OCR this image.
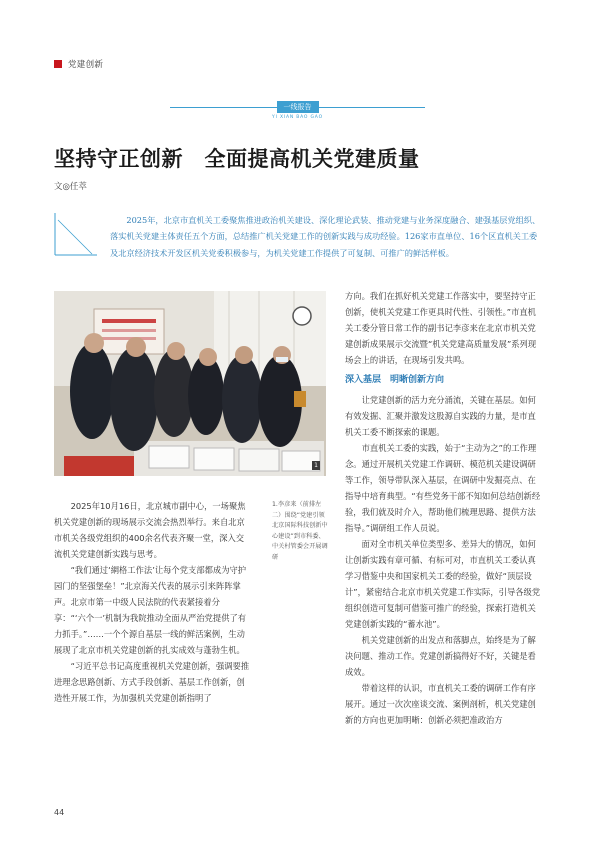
党建创新
一线报告
YI XIAN BAO GAO
坚持守正创新　全面提高机关党建质量
文◎任萃

2025年，北京市直机关工委聚焦推进政治机关建设、深化理论武装、推动党建与业务深度融合、建强基层党组织、落实机关党建主体责任五个方面，总结推广机关党建工作的创新实践与成功经验。126家市直单位、16个区直机关工委及北京经济技术开发区机关党委积极参与，为机关党建工作提供了可复制、可推广的鲜活样板。

1

1.李彦来（前排左二）围绕“党建引领北京国际科技创新中心建设”到市科委、中关村管委会开展调研

2025年10月16日，北京城市副中心，一场聚焦机关党建创新的现场展示交流会热烈举行。来自北京市机关各级党组织的400余名代表齐聚一堂，深入交流机关党建创新实践与思考。

“我们通过‘網格工作法’让每个党支部都成为守护园门的坚强堡垒！”北京海关代表的展示引来阵阵掌声。北京市第一中级人民法院的代表紧接着分享：“‘六个一’机制为我院推动全面从严治党提供了有力抓手。”……一个个源自基层一线的鲜活案例，生动展现了北京市机关党建创新的扎实成效与蓬勃生机。

“习近平总书记高度重视机关党建创新，强调要推进理念思路创新、方式手段创新、基层工作创新，创造性开展工作，为加强机关党建创新指明了

方向。我们在抓好机关党建工作落实中，要坚持守正创新，使机关党建工作更具时代性、引领性。”市直机关工委分管日常工作的副书记李彦来在北京市机关党建创新成果展示交流暨“机关党建高质量发展”系列现场会上的讲话，在现场引发共鸣。

深入基层　明晰创新方向

让党建创新的活力充分涌流，关键在基层。如何有效发掘、汇聚并激发这股源自实践的力量，是市直机关工委不断探索的课题。

市直机关工委的实践，始于“主动为之”的工作理念。通过开展机关党建工作调研、模范机关建设调研等工作，领导带队深入基层，在调研中发掘亮点、在指导中培育典型。“有些党务干部不知如何总结创新经验，我们就及时介入，帮助他们梳理思路、提供方法指导。”调研组工作人员说。

面对全市机关单位类型多、差异大的情况，如何让创新实践有章可循、有标可对，市直机关工委认真学习借鉴中央和国家机关工委的经验，做好“顶层设计”，紧密结合北京市机关党建工作实际，引导各级党组织创造可复制可借鉴可推广的经验，探索打造机关党建创新实践的“蓄水池”。

机关党建创新的出发点和落脚点，始终是为了解决问题、推动工作。党建创新搞得好不好，关键是看成效。

带着这样的认识，市直机关工委的调研工作有序展开。通过一次次座谈交流、案例剖析，机关党建创新的方向也更加明晰：创新必须把准政治方

44
